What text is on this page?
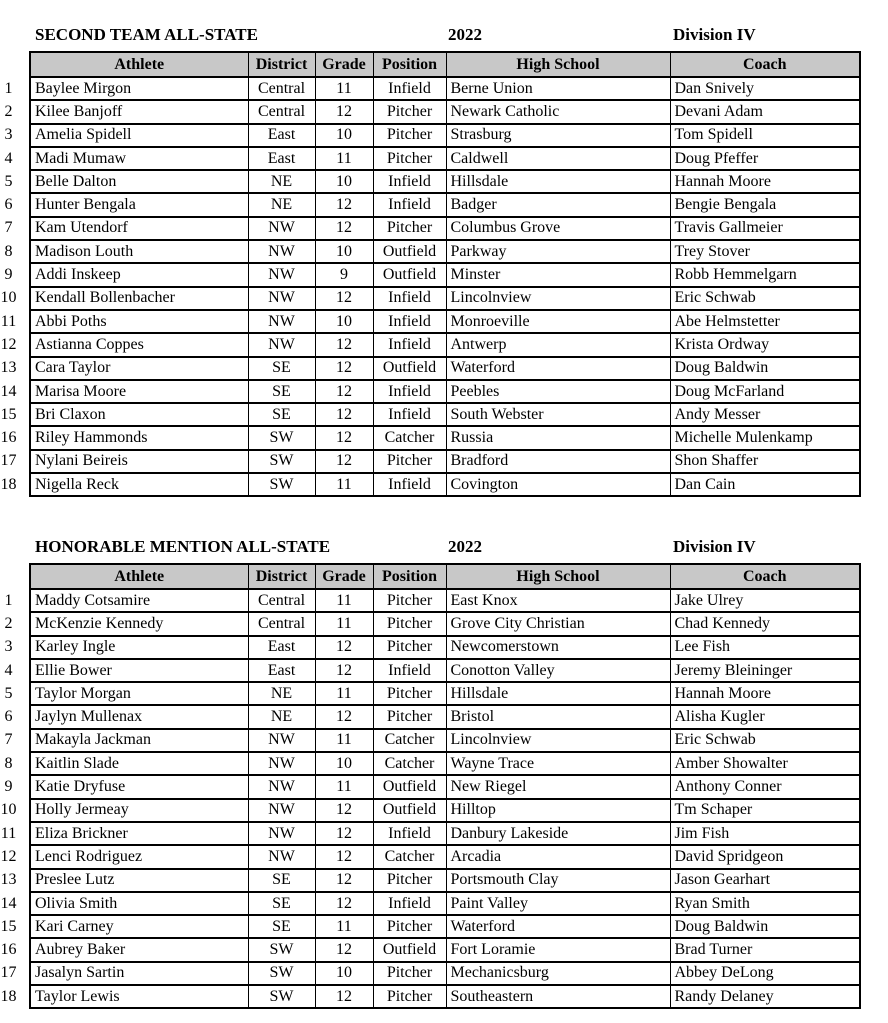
SECOND TEAM ALL-STATE	2022	Division IV
	Athlete	District	Grade	Position	High School	Coach
1	Baylee Mirgon	Central	11	Infield	Berne Union	Dan Snively
2	Kilee Banjoff	Central	12	Pitcher	Newark Catholic	Devani Adam
3	Amelia Spidell	East	10	Pitcher	Strasburg	Tom Spidell
4	Madi Mumaw	East	11	Pitcher	Caldwell	Doug Pfeffer
5	Belle Dalton	NE	10	Infield	Hillsdale	Hannah Moore
6	Hunter Bengala	NE	12	Infield	Badger	Bengie Bengala
7	Kam Utendorf	NW	12	Pitcher	Columbus Grove	Travis Gallmeier
8	Madison Louth	NW	10	Outfield	Parkway	Trey Stover
9	Addi Inskeep	NW	9	Outfield	Minster	Robb Hemmelgarn
10	Kendall Bollenbacher	NW	12	Infield	Lincolnview	Eric Schwab
11	Abbi Poths	NW	10	Infield	Monroeville	Abe Helmstetter
12	Astianna Coppes	NW	12	Infield	Antwerp	Krista Ordway
13	Cara Taylor	SE	12	Outfield	Waterford	Doug Baldwin
14	Marisa Moore	SE	12	Infield	Peebles	Doug McFarland
15	Bri Claxon	SE	12	Infield	South Webster	Andy Messer
16	Riley Hammonds	SW	12	Catcher	Russia	Michelle Mulenkamp
17	Nylani Beireis	SW	12	Pitcher	Bradford	Shon Shaffer
18	Nigella Reck	SW	11	Infield	Covington	Dan Cain
HONORABLE MENTION ALL-STATE	2022	Division IV
	Athlete	District	Grade	Position	High School	Coach
1	Maddy Cotsamire	Central	11	Pitcher	East Knox	Jake Ulrey
2	McKenzie Kennedy	Central	11	Pitcher	Grove City Christian	Chad Kennedy
3	Karley Ingle	East	12	Pitcher	Newcomerstown	Lee Fish
4	Ellie Bower	East	12	Infield	Conotton Valley	Jeremy Bleininger
5	Taylor Morgan	NE	11	Pitcher	Hillsdale	Hannah Moore
6	Jaylyn Mullenax	NE	12	Pitcher	Bristol	Alisha Kugler
7	Makayla Jackman	NW	11	Catcher	Lincolnview	Eric Schwab
8	Kaitlin Slade	NW	10	Catcher	Wayne Trace	Amber Showalter
9	Katie Dryfuse	NW	11	Outfield	New Riegel	Anthony Conner
10	Holly Jermeay	NW	12	Outfield	Hilltop	Tm Schaper
11	Eliza Brickner	NW	12	Infield	Danbury Lakeside	Jim Fish
12	Lenci Rodriguez	NW	12	Catcher	Arcadia	David Spridgeon
13	Preslee Lutz	SE	12	Pitcher	Portsmouth Clay	Jason Gearhart
14	Olivia Smith	SE	12	Infield	Paint Valley	Ryan Smith
15	Kari Carney	SE	11	Pitcher	Waterford	Doug Baldwin
16	Aubrey Baker	SW	12	Outfield	Fort Loramie	Brad Turner
17	Jasalyn Sartin	SW	10	Pitcher	Mechanicsburg	Abbey DeLong
18	Taylor Lewis	SW	12	Pitcher	Southeastern	Randy Delaney
